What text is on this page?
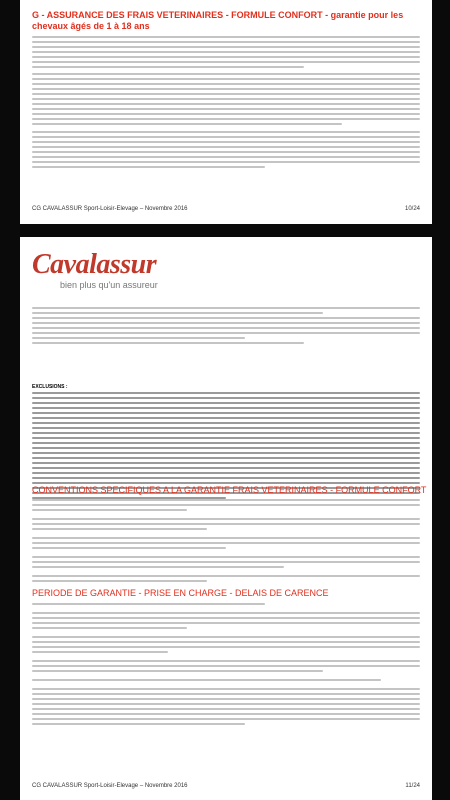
G - ASSURANCE DES FRAIS VETERINAIRES - FORMULE CONFORT - garantie pour les chevaux âgés de 1 à 18 ans
CG CAVALASSUR Sport-Loisir-Elevage – Novembre 2016	10/24
Cavalassur
bien plus qu'un assureur
EXCLUSIONS :
CONVENTIONS SPECIFIQUES A LA GARANTIE FRAIS VETERINAIRES - FORMULE CONFORT
PERIODE DE GARANTIE - PRISE EN CHARGE - DELAIS DE CARENCE
CG CAVALASSUR Sport-Loisir-Elevage – Novembre 2016	11/24
